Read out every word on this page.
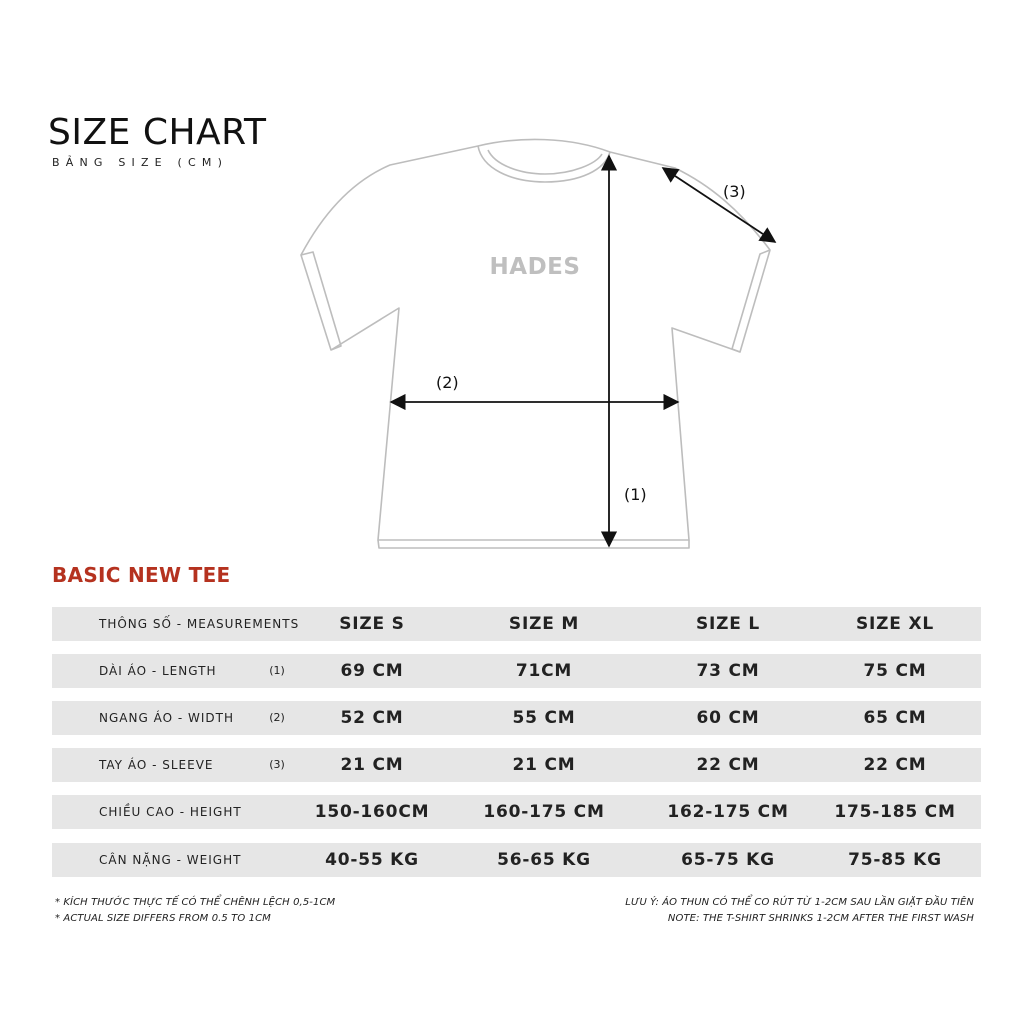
SIZE CHART
BẢNG SIZE (CM)
HADES
(1)
(2)
(3)
BASIC NEW TEE
THÔNG SỐ - MEASUREMENTS	SIZE S	SIZE M	SIZE L	SIZE XL
DÀI ÁO - LENGTH	(1)	69 CM	71CM	73 CM	75 CM
NGANG ÁO - WIDTH	(2)	52 CM	55 CM	60 CM	65 CM
TAY ÁO - SLEEVE	(3)	21 CM	21 CM	22 CM	22 CM
CHIỀU CAO - HEIGHT	150-160CM	160-175 CM	162-175 CM	175-185 CM
CÂN NẶNG - WEIGHT	40-55 KG	56-65 KG	65-75 KG	75-85 KG
* KÍCH THƯỚC THỰC TẾ CÓ THỂ CHÊNH LỆCH 0,5-1CM
* ACTUAL SIZE DIFFERS FROM 0.5 TO 1CM
LƯU Ý: ÁO THUN CÓ THỂ CO RÚT TỪ 1-2CM SAU LẦN GIẶT ĐẦU TIÊN
NOTE: THE T-SHIRT SHRINKS 1-2CM AFTER THE FIRST WASH
